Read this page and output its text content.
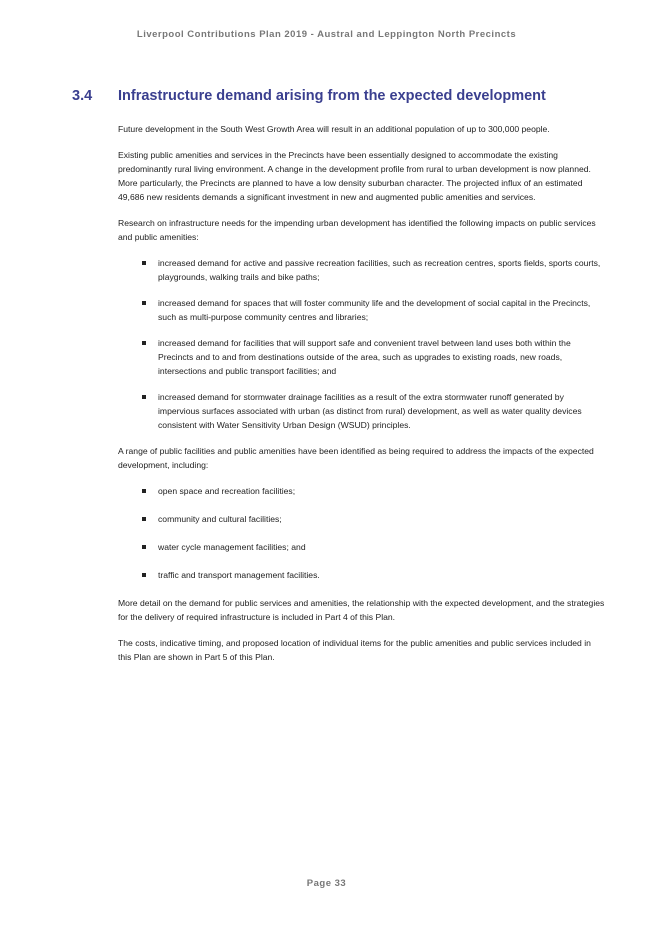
Liverpool Contributions Plan 2019 - Austral and Leppington North Precincts
3.4 Infrastructure demand arising from the expected development

Future development in the South West Growth Area will result in an additional population of up to 300,000 people.

Existing public amenities and services in the Precincts have been essentially designed to accommodate the existing predominantly rural living environment. A change in the development profile from rural to urban development is now planned. More particularly, the Precincts are planned to have a low density suburban character. The projected influx of an estimated 49,686 new residents demands a significant investment in new and augmented public amenities and services.

Research on infrastructure needs for the impending urban development has identified the following impacts on public services and public amenities:

increased demand for active and passive recreation facilities, such as recreation centres, sports fields, sports courts, playgrounds, walking trails and bike paths;
increased demand for spaces that will foster community life and the development of social capital in the Precincts, such as multi-purpose community centres and libraries;
increased demand for facilities that will support safe and convenient travel between land uses both within the Precincts and to and from destinations outside of the area, such as upgrades to existing roads, new roads, intersections and public transport facilities; and
increased demand for stormwater drainage facilities as a result of the extra stormwater runoff generated by impervious surfaces associated with urban (as distinct from rural) development, as well as water quality devices consistent with Water Sensitivity Urban Design (WSUD) principles.

A range of public facilities and public amenities have been identified as being required to address the impacts of the expected development, including:

open space and recreation facilities;
community and cultural facilities;
water cycle management facilities; and
traffic and transport management facilities.

More detail on the demand for public services and amenities, the relationship with the expected development, and the strategies for the delivery of required infrastructure is included in Part 4 of this Plan.

The costs, indicative timing, and proposed location of individual items for the public amenities and public services included in this Plan are shown in Part 5 of this Plan.

Page 33
